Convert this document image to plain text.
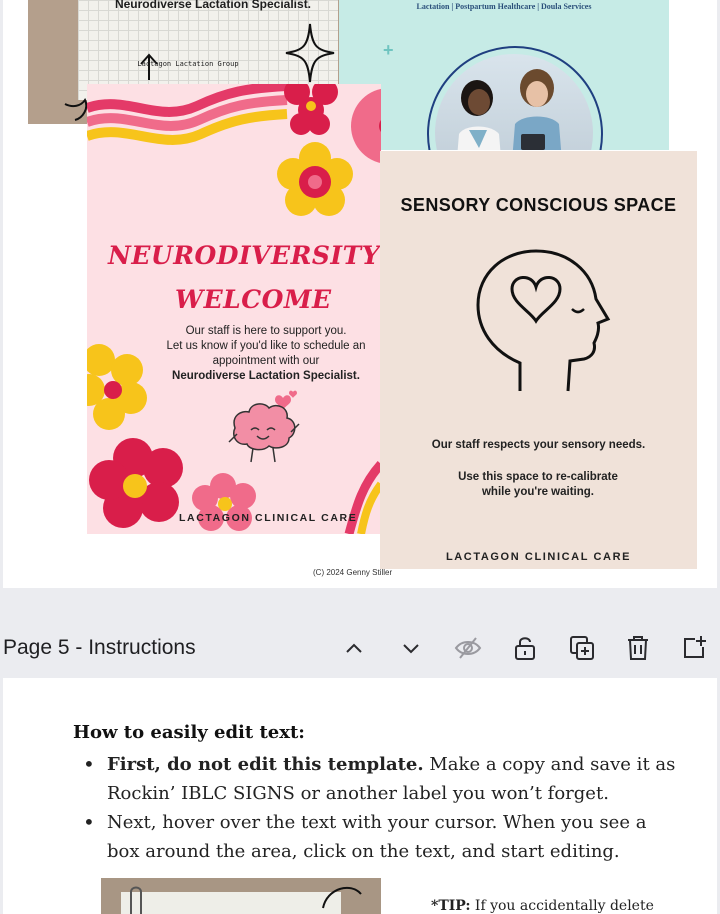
Neurodiverse Lactation Specialist.
Lactagon Lactation Group
Lactation | Postpartum Healthcare | Doula Services
+
NEURODIVERSITY
WELCOME
Our staff is here to support you.
Let us know if you'd like to schedule an
appointment with our
Neurodiverse Lactation Specialist.
LACTAGON CLINICAL CARE
SENSORY CONSCIOUS SPACE
Our staff respects your sensory needs.
Use this space to re-calibrate
while you're waiting.
LACTAGON CLINICAL CARE
(C) 2024 Genny Stiller
Page 5 - Instructions
How to easily edit text:
• First, do not edit this template. Make a copy and save it as Rockin’ IBLC SIGNS or another label you won’t forget.
• Next, hover over the text with your cursor. When you see a box around the area, click on the text, and start editing.
*TIP: If you accidentally delete
